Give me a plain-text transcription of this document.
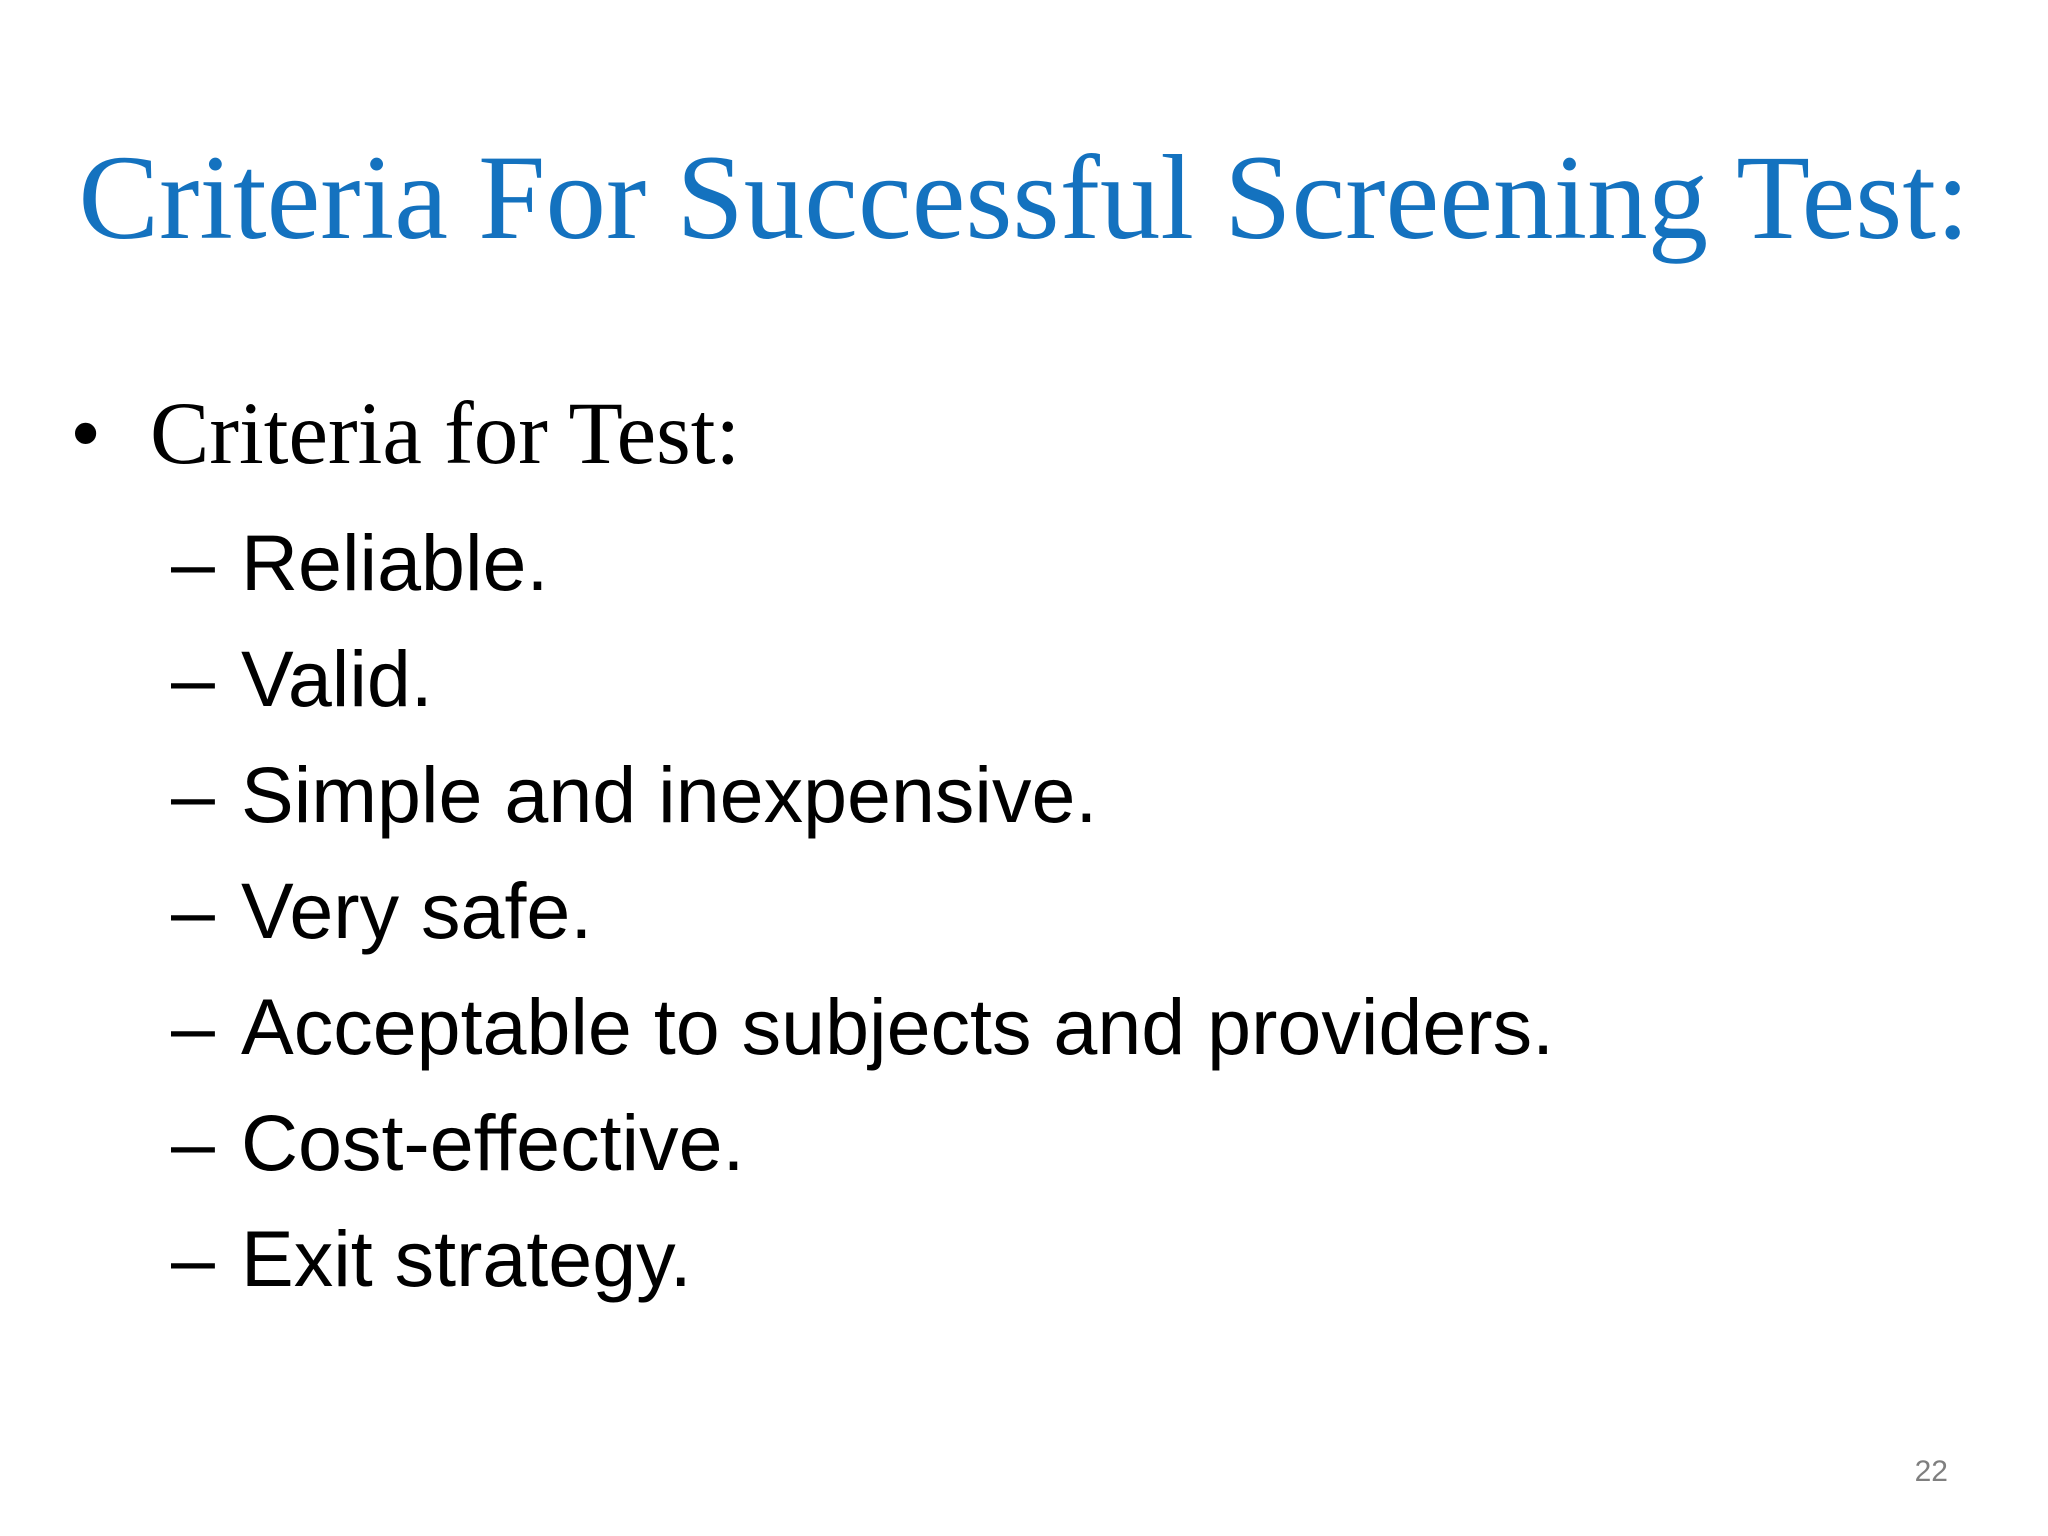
Criteria For Successful Screening Test:
• Criteria for Test:
– Reliable.
– Valid.
– Simple and inexpensive.
– Very safe.
– Acceptable to subjects and providers.
– Cost-effective.
– Exit strategy.
22
